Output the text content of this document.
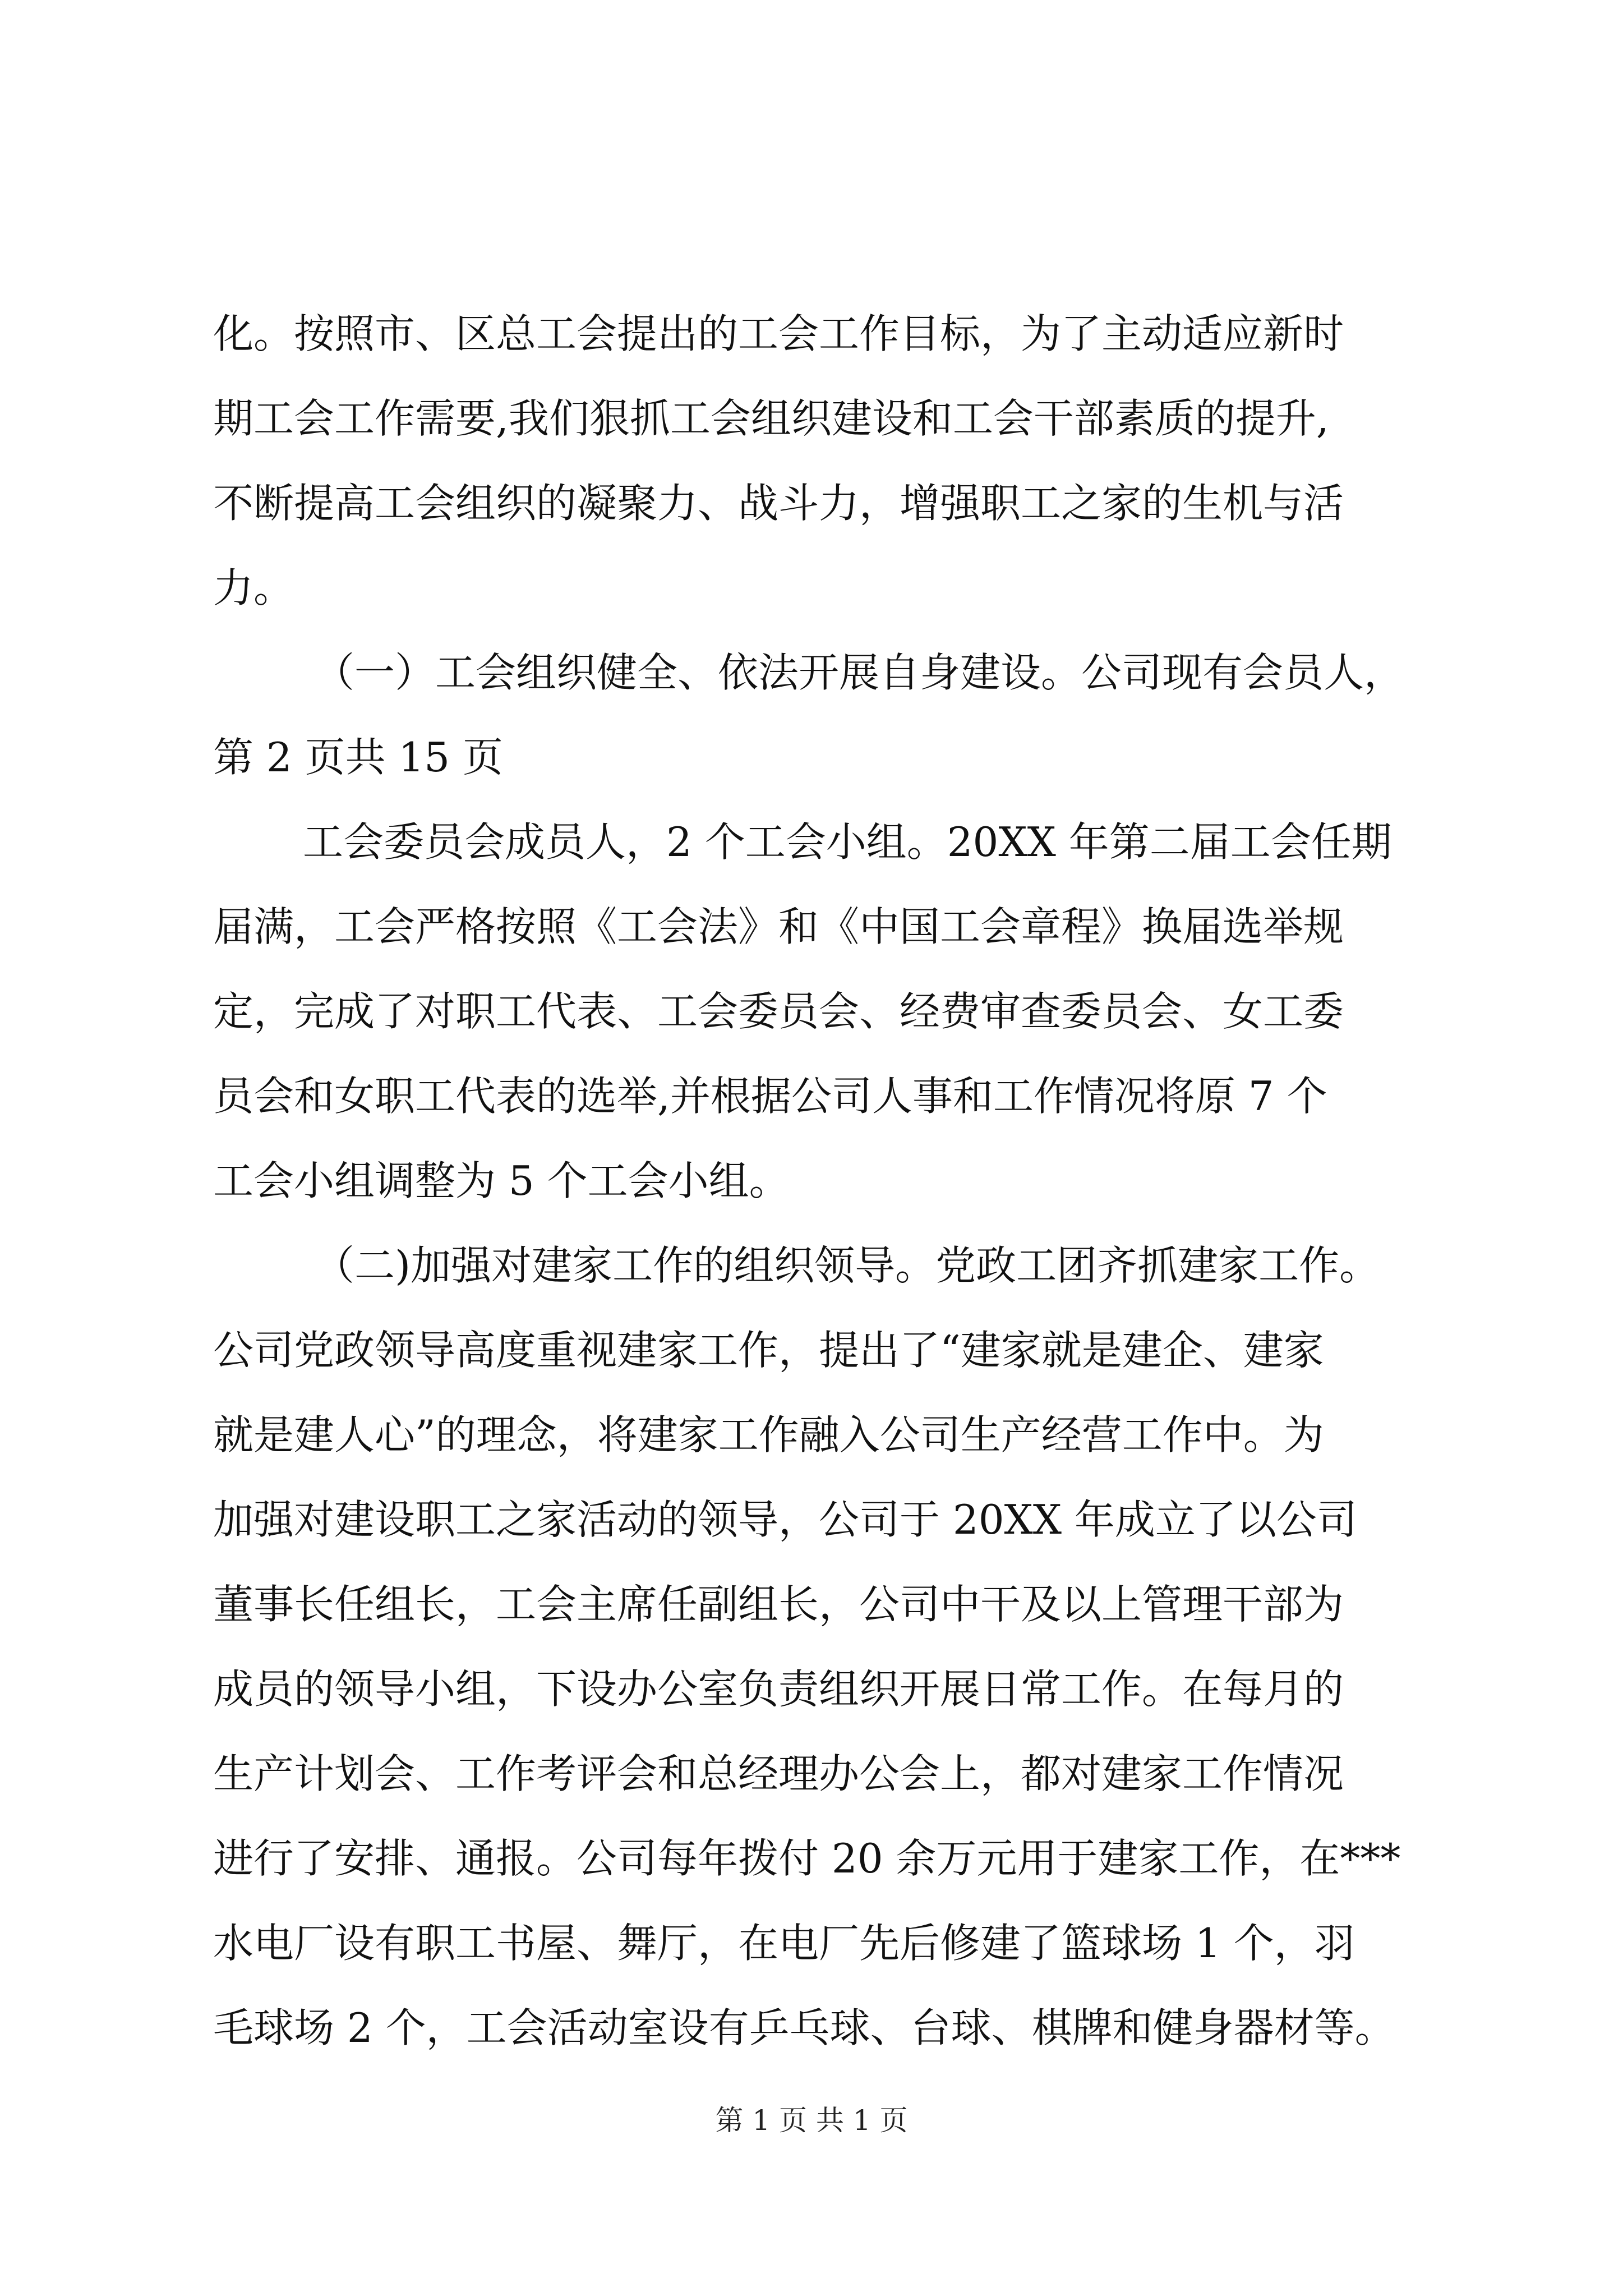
化。按照市、区总工会提出的工会工作目标，为了主动适应新时
期工会工作需要,我们狠抓工会组织建设和工会干部素质的提升,
不断提高工会组织的凝聚力、战斗力，增强职工之家的生机与活
力。
（一）工会组织健全、依法开展自身建设。公司现有会员人，
第 2 页共 15 页
工会委员会成员人，2 个工会小组。20XX 年第二届工会任期
届满，工会严格按照《工会法》和《中国工会章程》换届选举规
定，完成了对职工代表、工会委员会、经费审查委员会、女工委
员会和女职工代表的选举,并根据公司人事和工作情况将原 7 个
工会小组调整为 5 个工会小组。
（二)加强对建家工作的组织领导。党政工团齐抓建家工作。
公司党政领导高度重视建家工作，提出了“建家就是建企、建家
就是建人心”的理念，将建家工作融入公司生产经营工作中。为
加强对建设职工之家活动的领导，公司于 20XX 年成立了以公司
董事长任组长，工会主席任副组长，公司中干及以上管理干部为
成员的领导小组，下设办公室负责组织开展日常工作。在每月的
生产计划会、工作考评会和总经理办公会上，都对建家工作情况
进行了安排、通报。公司每年拨付 20 余万元用于建家工作，在***
水电厂设有职工书屋、舞厅，在电厂先后修建了篮球场 1 个，羽
毛球场 2 个，工会活动室设有乒乓球、台球、棋牌和健身器材等。
第 1 页 共 1 页
